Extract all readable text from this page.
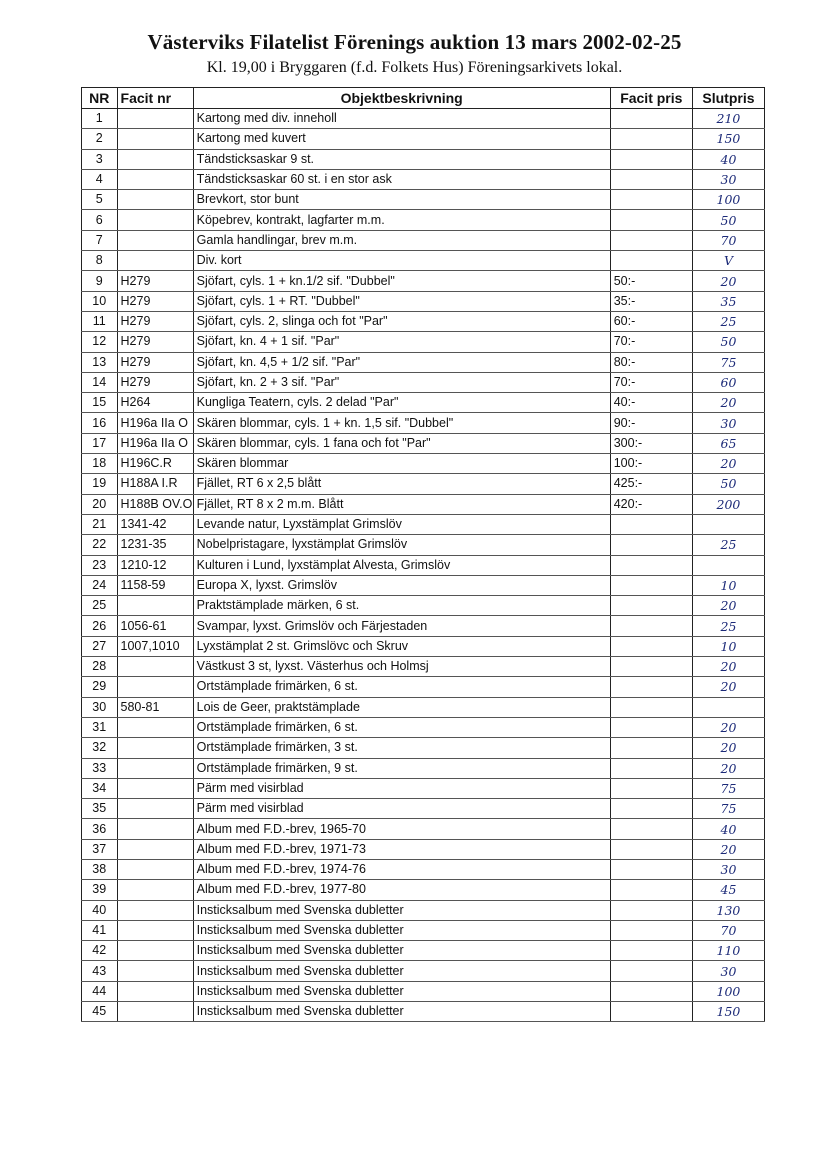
Västerviks Filatelist Förenings auktion 13 mars 2002-02-25
Kl. 19,00 i Bryggaren (f.d. Folkets Hus) Föreningsarkivets lokal.
NR	Facit nr	Objektbeskrivning	Facit pris	Slutpris
1		Kartong med div. inneholl		210
2		Kartong med kuvert		150
3		Tändsticksaskar 9 st.		40
4		Tändsticksaskar 60 st. i en stor ask		30
5		Brevkort, stor bunt		100
6		Köpebrev, kontrakt, lagfarter m.m.		50
7		Gamla handlingar, brev m.m.		70
8		Div. kort		V
9	H279	Sjöfart, cyls. 1 + kn.1/2 sif. "Dubbel"	50:-	20
10	H279	Sjöfart, cyls. 1 + RT. "Dubbel"	35:-	35
11	H279	Sjöfart, cyls. 2, slinga och fot "Par"	60:-	25
12	H279	Sjöfart, kn. 4 + 1 sif. "Par"	70:-	50
13	H279	Sjöfart, kn. 4,5 + 1/2 sif. "Par"	80:-	75
14	H279	Sjöfart, kn. 2 + 3 sif. "Par"	70:-	60
15	H264	Kungliga Teatern, cyls. 2 delad "Par"	40:-	20
16	H196a IIa O	Skären blommar, cyls. 1 + kn. 1,5 sif. "Dubbel"	90:-	30
17	H196a IIa O	Skären blommar, cyls. 1 fana och fot "Par"	300:-	65
18	H196C.R	Skären blommar	100:-	20
19	H188A I.R	Fjället, RT 6 x 2,5 blått	425:-	50
20	H188B OV.O	Fjället, RT 8 x 2 m.m. Blått	420:-	200
21	1341-42	Levande natur, Lyxstämplat Grimslöv		
22	1231-35	Nobelpristagare, lyxstämplat Grimslöv		25
23	1210-12	Kulturen i Lund, lyxstämplat Alvesta, Grimslöv		
24	1158-59	Europa X, lyxst. Grimslöv		10
25		Praktstämplade märken, 6 st.		20
26	1056-61	Svampar, lyxst. Grimslöv och Färjestaden		25
27	1007,1010	Lyxstämplat 2 st. Grimslövc och Skruv		10
28		Västkust 3 st, lyxst. Västerhus och Holmsj		20
29		Ortstämplade frimärken, 6 st.		20
30	580-81	Lois de Geer, praktstämplade		
31		Ortstämplade frimärken, 6 st.		20
32		Ortstämplade frimärken, 3 st.		20
33		Ortstämplade frimärken, 9 st.		20
34		Pärm med visirblad		75
35		Pärm med visirblad		75
36		Album med F.D.-brev, 1965-70		40
37		Album med F.D.-brev, 1971-73		20
38		Album med F.D.-brev, 1974-76		30
39		Album med F.D.-brev, 1977-80		45
40		Insticksalbum med Svenska dubletter		130
41		Insticksalbum med Svenska dubletter		70
42		Insticksalbum med Svenska dubletter		110
43		Insticksalbum med Svenska dubletter		30
44		Insticksalbum med Svenska dubletter		100
45		Insticksalbum med Svenska dubletter		150
